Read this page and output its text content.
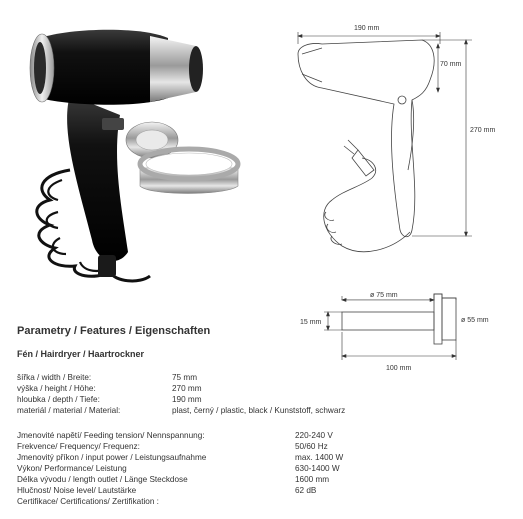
190 mm
70 mm
270 mm
ø 75 mm
15 mm	ø 55 mm
100 mm
Parametry / Features / Eigenschaften
Fén / Hairdryer / Haartrockner
šířka / width / Breite:	75 mm
výška / height / Höhe:	270 mm
hloubka / depth / Tiefe:	190 mm
materiál / material / Material:	plast, černý / plastic, black / Kunststoff, schwarz
Jmenovité napětí/ Feeding tension/ Nennspannung:	220-240 V
Frekvence/ Frequency/ Frequenz:	50/60 Hz
Jmenovitý příkon / input power / Leistungsaufnahme	max. 1400 W
Výkon/ Performance/ Leistung	630-1400 W
Délka vývodu / length outlet / Länge Steckdose	1600 mm
Hlučnost/ Noise level/ Lautstärke	62 dB
Certifikace/ Certifications/ Zertifikation :
